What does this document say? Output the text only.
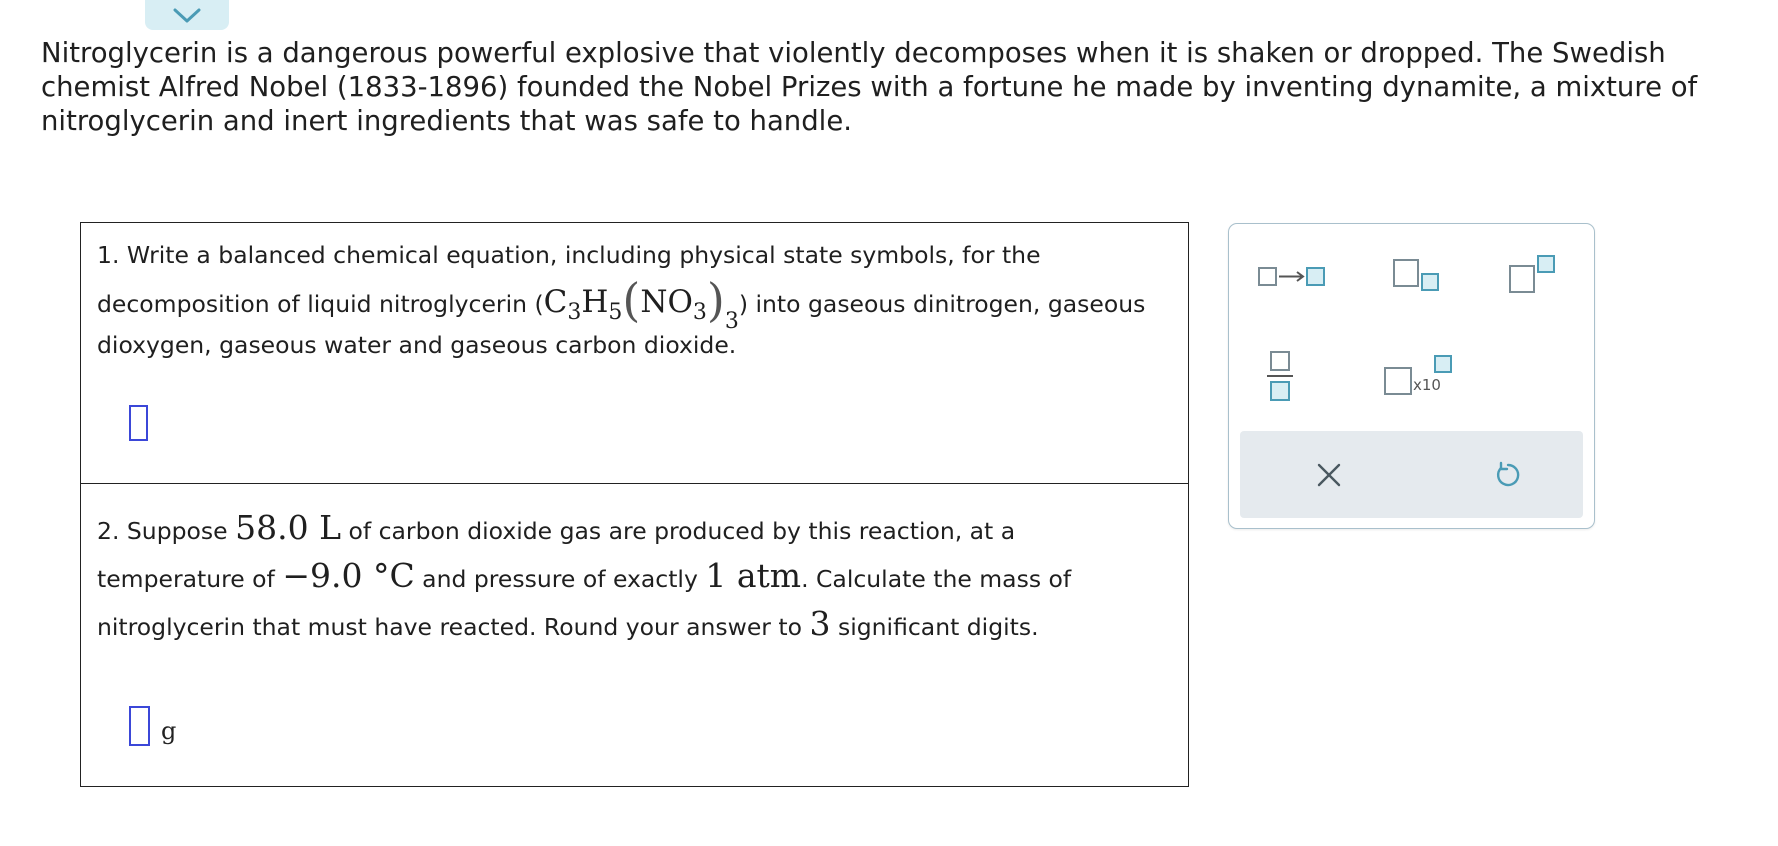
Nitroglycerin is a dangerous powerful explosive that violently decomposes when it is shaken or dropped. The Swedish
chemist Alfred Nobel (1833-1896) founded the Nobel Prizes with a fortune he made by inventing dynamite, a mixture of
nitroglycerin and inert ingredients that was safe to handle.
1. Write a balanced chemical equation, including physical state symbols, for the
decomposition of liquid nitroglycerin $(C_3H_5(NO_3)_3)$ into gaseous dinitrogen, gaseous
dioxygen, gaseous water and gaseous carbon dioxide.
2. Suppose 58.0 L of carbon dioxide gas are produced by this reaction, at a
temperature of −9.0 °C and pressure of exactly 1 atm. Calculate the mass of
nitroglycerin that must have reacted. Round your answer to 3 significant digits.
g
x10
